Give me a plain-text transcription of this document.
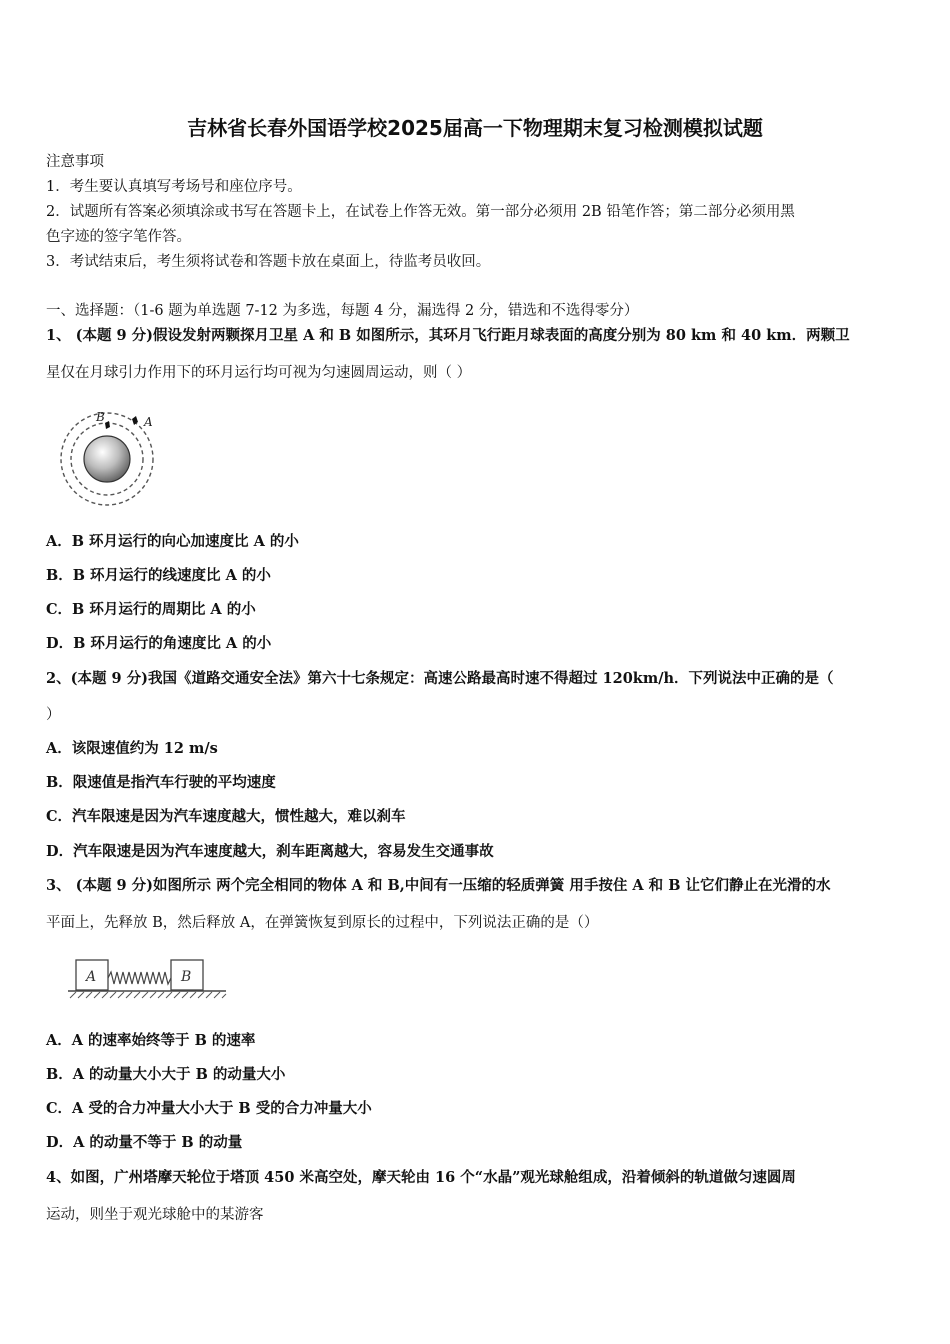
吉林省长春外国语学校2025届高一下物理期末复习检测模拟试题
注意事项
1．考生要认真填写考场号和座位序号。
2．试题所有答案必须填涂或书写在答题卡上，在试卷上作答无效。第一部分必须用 2B 铅笔作答；第二部分必须用黑
色字迹的签字笔作答。
3．考试结束后，考生须将试卷和答题卡放在桌面上，待监考员收回。
一、选择题：（1-6 题为单选题 7-12 为多选，每题 4 分，漏选得 2 分，错选和不选得零分）
1、 (本题 9 分)假设发射两颗探月卫星 A 和 B 如图所示，其环月飞行距月球表面的高度分别为 80 km 和 40 km．两颗卫
星仅在月球引力作用下的环月运行均可视为匀速圆周运动，则（ ）
B	A
A．B 环月运行的向心加速度比 A 的小
B．B 环月运行的线速度比 A 的小
C．B 环月运行的周期比 A 的小
D．B 环月运行的角速度比 A 的小
2、(本题 9 分)我国《道路交通安全法》第六十七条规定：高速公路最高时速不得超过 120km/h．下列说法中正确的是（
）
A．该限速值约为 12 m/s
B．限速值是指汽车行驶的平均速度
C．汽车限速是因为汽车速度越大，惯性越大，难以刹车
D．汽车限速是因为汽车速度越大，刹车距离越大，容易发生交通事故
3、 (本题 9 分)如图所示 两个完全相同的物体 A 和 B,中间有一压缩的轻质弹簧 用手按住 A 和 B 让它们静止在光滑的水
平面上，先释放 B，然后释放 A，在弹簧恢复到原长的过程中，下列说法正确的是（）
A	B
A．A 的速率始终等于 B 的速率
B．A 的动量大小大于 B 的动量大小
C．A 受的合力冲量大小大于 B 受的合力冲量大小
D．A 的动量不等于 B 的动量
4、如图，广州塔摩天轮位于塔顶 450 米高空处，摩天轮由 16 个“水晶”观光球舱组成，沿着倾斜的轨道做匀速圆周
运动，则坐于观光球舱中的某游客
